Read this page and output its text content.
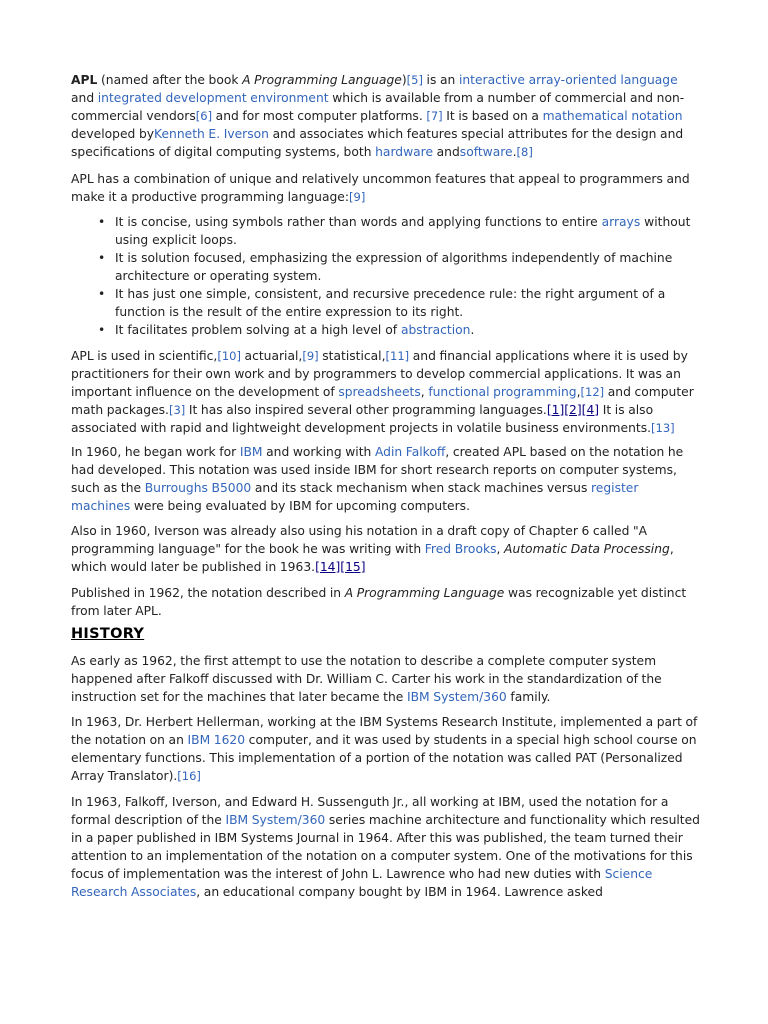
APL (named after the book A Programming Language)[5] is an interactive array-oriented language and integrated development environment which is available from a number of commercial and non-commercial vendors[6] and for most computer platforms. [7] It is based on a mathematical notation developed byKenneth E. Iverson and associates which features special attributes for the design and specifications of digital computing systems, both hardware andsoftware.[8]

APL has a combination of unique and relatively uncommon features that appeal to programmers and make it a productive programming language:[9]

• It is concise, using symbols rather than words and applying functions to entire arrays without using explicit loops.
• It is solution focused, emphasizing the expression of algorithms independently of machine architecture or operating system.
• It has just one simple, consistent, and recursive precedence rule: the right argument of a function is the result of the entire expression to its right.
• It facilitates problem solving at a high level of abstraction.

APL is used in scientific,[10] actuarial,[9] statistical,[11] and financial applications where it is used by practitioners for their own work and by programmers to develop commercial applications. It was an important influence on the development of spreadsheets, functional programming,[12] and computer math packages.[3] It has also inspired several other programming languages.[1][2][4] It is also associated with rapid and lightweight development projects in volatile business environments.[13]

In 1960, he began work for IBM and working with Adin Falkoff, created APL based on the notation he had developed. This notation was used inside IBM for short research reports on computer systems, such as the Burroughs B5000 and its stack mechanism when stack machines versus register machines were being evaluated by IBM for upcoming computers.

Also in 1960, Iverson was already also using his notation in a draft copy of Chapter 6 called "A programming language" for the book he was writing with Fred Brooks, Automatic Data Processing, which would later be published in 1963.[14][15]

Published in 1962, the notation described in A Programming Language was recognizable yet distinct from later APL.

HISTORY

As early as 1962, the first attempt to use the notation to describe a complete computer system happened after Falkoff discussed with Dr. William C. Carter his work in the standardization of the instruction set for the machines that later became the IBM System/360 family.

In 1963, Dr. Herbert Hellerman, working at the IBM Systems Research Institute, implemented a part of the notation on an IBM 1620 computer, and it was used by students in a special high school course on elementary functions. This implementation of a portion of the notation was called PAT (Personalized Array Translator).[16]

In 1963, Falkoff, Iverson, and Edward H. Sussenguth Jr., all working at IBM, used the notation for a formal description of the IBM System/360 series machine architecture and functionality which resulted in a paper published in IBM Systems Journal in 1964. After this was published, the team turned their attention to an implementation of the notation on a computer system. One of the motivations for this focus of implementation was the interest of John L. Lawrence who had new duties with Science Research Associates, an educational company bought by IBM in 1964. Lawrence asked
